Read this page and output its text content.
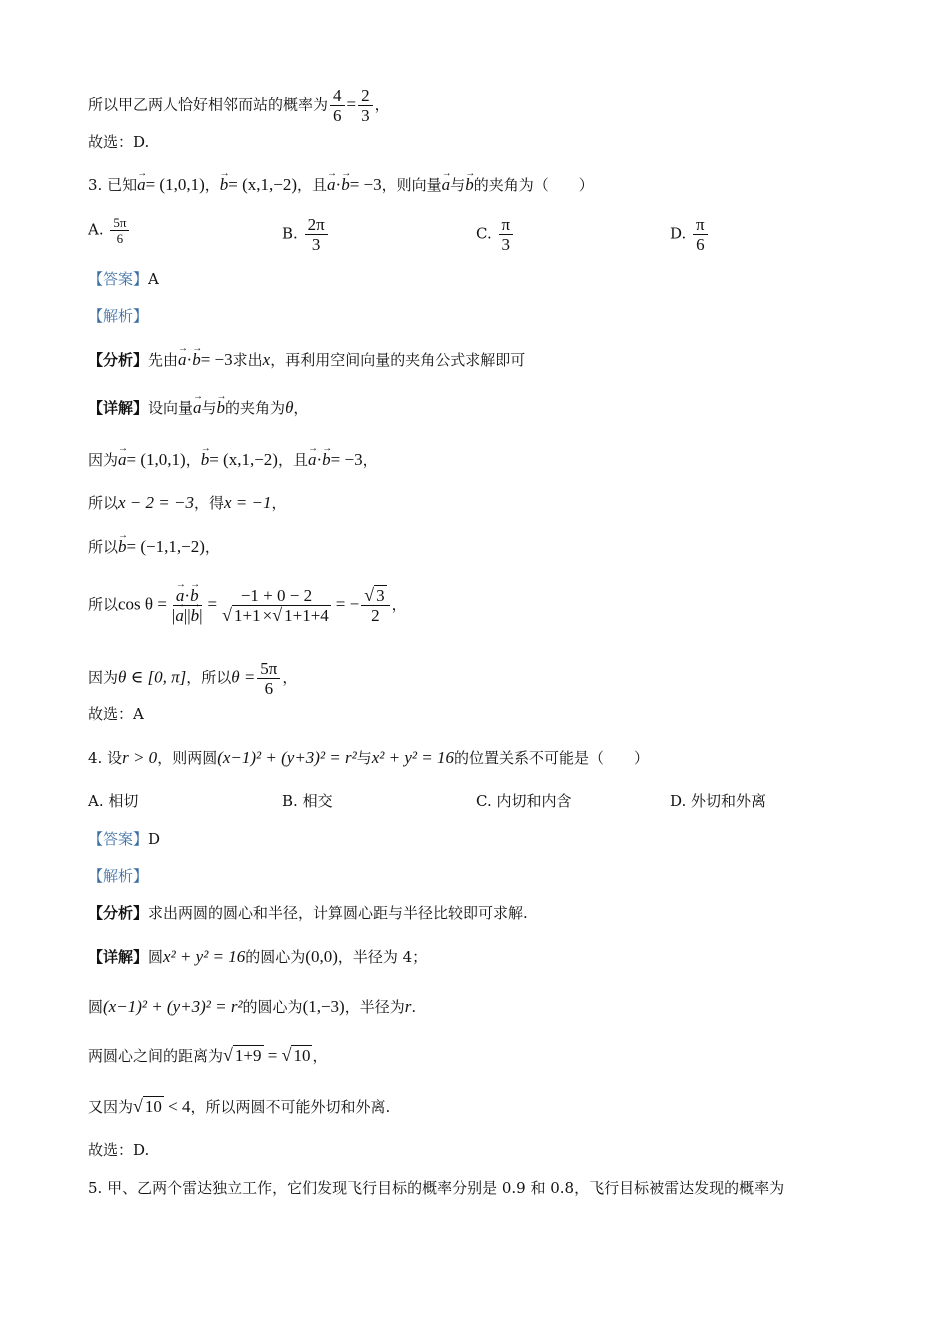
所以甲乙两人恰好相邻而站的概率为 $\frac{4}{6} = \frac{2}{3}$ ，
故选：D.
3. 已知→ a= (1,0,1)，→ b= (x,1,−2)，且→ a·→ b= −3，则向量→ a与→ b的夹角为（　　）
A. $\frac{5\pi}{6}$	B. $\frac{2\pi}{3}$	C. $\frac{\pi}{3}$	D. $\frac{\pi}{6}$
【答案】A
【解析】
【分析】先由→ a·→ b= −3求出x，再利用空间向量的夹角公式求解即可
【详解】设向量→ a与→ b的夹角为θ，
因为→ a= (1,0,1)，→ b= (x,1,−2)，且→ a·→ b= −3，
所以x − 2 = −3，得x = −1，
所以→ b= (−1,1,−2)，
所以cos θ =
→ $\frac{a\cdot\to b}{|\to a||\to b|} = \frac{-1 + 0 - 2}{√ 1+1 \times√ 1+1+4}$ = − $\frac{√ 3}{2}$ ，
因为θ ∈ [0, π]，所以$\theta = \frac{5\pi}{6}$ ，
故选：A
4. 设r > 0，则两圆(x−1)² + (y+3)² = r²与x² + y² = 16的位置关系不可能是（　　）
A. 相切	B. 相交	C. 内切和内含	D. 外切和外离
【答案】D
【解析】
【分析】求出两圆的圆心和半径，计算圆心距与半径比较即可求解.
【详解】圆x² + y² = 16的圆心为(0,0)，半径为 4；
圆(x−1)² + (y+3)² = r²的圆心为(1,−3)，半径为r.
两圆心之间的距离为√ 1+9 = √ 10 ，
又因为√ 10 < 4，所以两圆不可能外切和外离.
故选：D.
5. 甲、乙两个雷达独立工作，它们发现飞行目标的概率分别是 0.9 和 0.8，飞行目标被雷达发现的概率为
